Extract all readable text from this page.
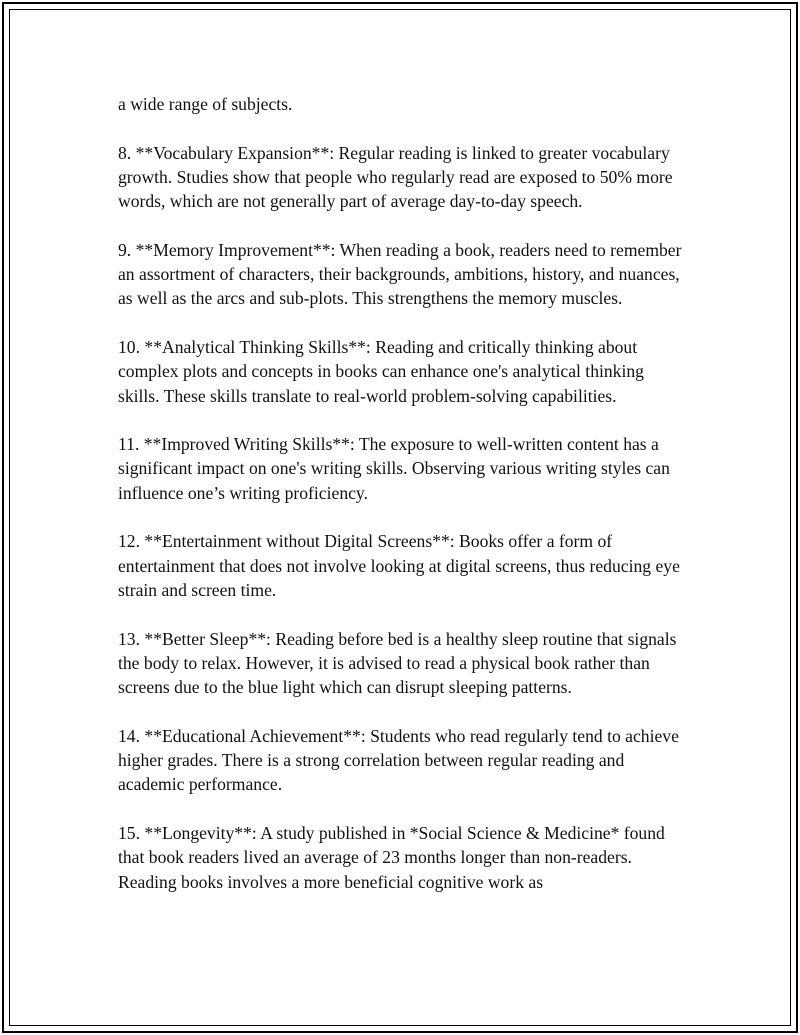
a wide range of subjects.

8. **Vocabulary Expansion**: Regular reading is linked to greater vocabulary growth. Studies show that people who regularly read are exposed to 50% more words, which are not generally part of average day-to-day speech.

9. **Memory Improvement**: When reading a book, readers need to remember an assortment of characters, their backgrounds, ambitions, history, and nuances, as well as the arcs and sub-plots. This strengthens the memory muscles.

10. **Analytical Thinking Skills**: Reading and critically thinking about complex plots and concepts in books can enhance one's analytical thinking skills. These skills translate to real-world problem-solving capabilities.

11. **Improved Writing Skills**: The exposure to well-written content has a significant impact on one's writing skills. Observing various writing styles can influence one’s writing proficiency.

12. **Entertainment without Digital Screens**: Books offer a form of entertainment that does not involve looking at digital screens, thus reducing eye strain and screen time.

13. **Better Sleep**: Reading before bed is a healthy sleep routine that signals the body to relax. However, it is advised to read a physical book rather than screens due to the blue light which can disrupt sleeping patterns.

14. **Educational Achievement**: Students who read regularly tend to achieve higher grades. There is a strong correlation between regular reading and academic performance.

15. **Longevity**: A study published in *Social Science & Medicine* found that book readers lived an average of 23 months longer than non-readers. Reading books involves a more beneficial cognitive work as
